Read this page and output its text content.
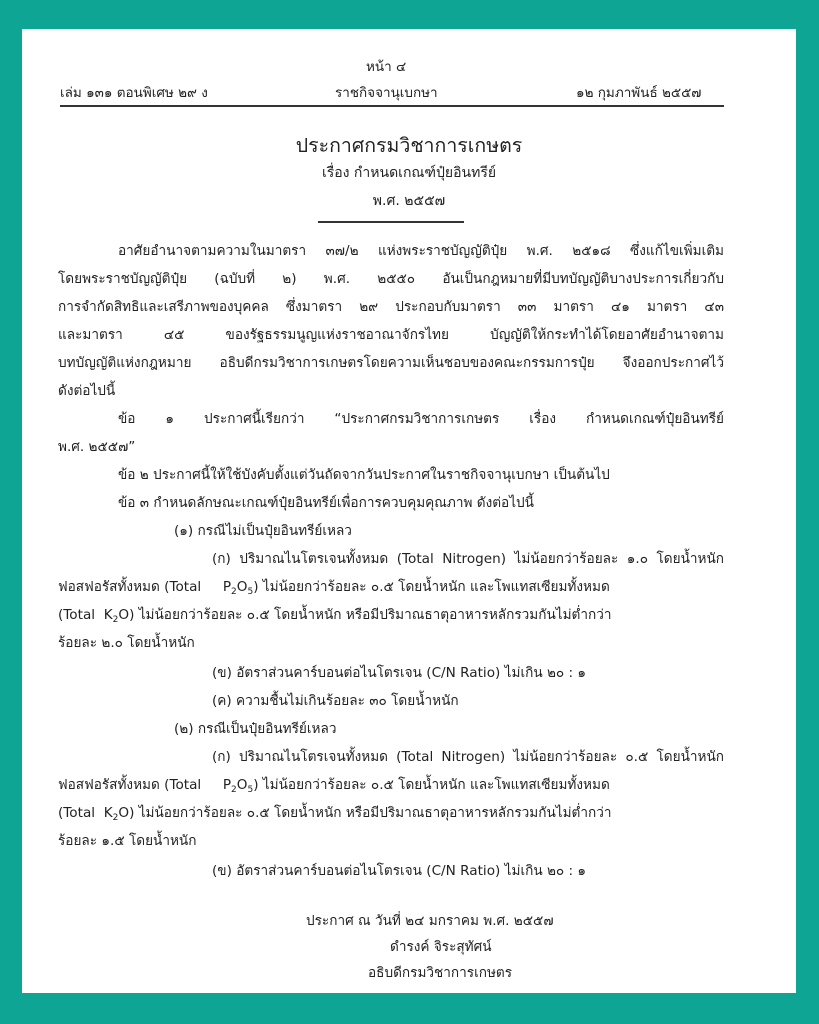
หน้า ๔
เล่ม ๑๓๑ ตอนพิเศษ ๒๙ ง	ราชกิจจานุเบกษา	๑๒ กุมภาพันธ์ ๒๕๕๗
ประกาศกรมวิชาการเกษตร
เรื่อง กำหนดเกณฑ์ปุ๋ยอินทรีย์
พ.ศ. ๒๕๕๗
อาศัยอำนาจตามความในมาตรา ๓๗/๒ แห่งพระราชบัญญัติปุ๋ย พ.ศ. ๒๕๑๘ ซึ่งแก้ไขเพิ่มเติม
โดยพระราชบัญญัติปุ๋ย (ฉบับที่ ๒) พ.ศ. ๒๕๕๐ อันเป็นกฎหมายที่มีบทบัญญัติบางประการเกี่ยวกับ
การจำกัดสิทธิและเสรีภาพของบุคคล ซึ่งมาตรา ๒๙ ประกอบกับมาตรา ๓๓ มาตรา ๔๑ มาตรา ๔๓
และมาตรา ๔๕ ของรัฐธรรมนูญแห่งราชอาณาจักรไทย บัญญัติให้กระทำได้โดยอาศัยอำนาจตาม
บทบัญญัติแห่งกฎหมาย อธิบดีกรมวิชาการเกษตรโดยความเห็นชอบของคณะกรรมการปุ๋ย จึงออกประกาศไว้
ดังต่อไปนี้
ข้อ ๑ ประกาศนี้เรียกว่า “ประกาศกรมวิชาการเกษตร เรื่อง กำหนดเกณฑ์ปุ๋ยอินทรีย์
พ.ศ. ๒๕๕๗”
ข้อ ๒ ประกาศนี้ให้ใช้บังคับตั้งแต่วันถัดจากวันประกาศในราชกิจจานุเบกษา เป็นต้นไป
ข้อ ๓ กำหนดลักษณะเกณฑ์ปุ๋ยอินทรีย์เพื่อการควบคุมคุณภาพ ดังต่อไปนี้
(๑) กรณีไม่เป็นปุ๋ยอินทรีย์เหลว
(ก) ปริมาณไนโตรเจนทั้งหมด (Total Nitrogen) ไม่น้อยกว่าร้อยละ ๑.๐ โดยน้ำหนัก
ฟอสฟอรัสทั้งหมด (Total $P_2O_5$) ไม่น้อยกว่าร้อยละ ๐.๕ โดยน้ำหนัก และโพแทสเซียมทั้งหมด
(Total $K_2O$) ไม่น้อยกว่าร้อยละ ๐.๕ โดยน้ำหนัก หรือมีปริมาณธาตุอาหารหลักรวมกันไม่ต่ำกว่า
ร้อยละ ๒.๐ โดยน้ำหนัก
(ข) อัตราส่วนคาร์บอนต่อไนโตรเจน (C/N Ratio) ไม่เกิน ๒๐ : ๑
(ค) ความชื้นไม่เกินร้อยละ ๓๐ โดยน้ำหนัก
(๒) กรณีเป็นปุ๋ยอินทรีย์เหลว
(ก) ปริมาณไนโตรเจนทั้งหมด (Total Nitrogen) ไม่น้อยกว่าร้อยละ ๐.๕ โดยน้ำหนัก
ฟอสฟอรัสทั้งหมด (Total $P_2O_5$) ไม่น้อยกว่าร้อยละ ๐.๕ โดยน้ำหนัก และโพแทสเซียมทั้งหมด
(Total $K_2O$) ไม่น้อยกว่าร้อยละ ๐.๕ โดยน้ำหนัก หรือมีปริมาณธาตุอาหารหลักรวมกันไม่ต่ำกว่า
ร้อยละ ๑.๕ โดยน้ำหนัก
(ข) อัตราส่วนคาร์บอนต่อไนโตรเจน (C/N Ratio) ไม่เกิน ๒๐ : ๑
ประกาศ ณ วันที่ ๒๔ มกราคม พ.ศ. ๒๕๕๗
ดำรงค์ จิระสุทัศน์
อธิบดีกรมวิชาการเกษตร
